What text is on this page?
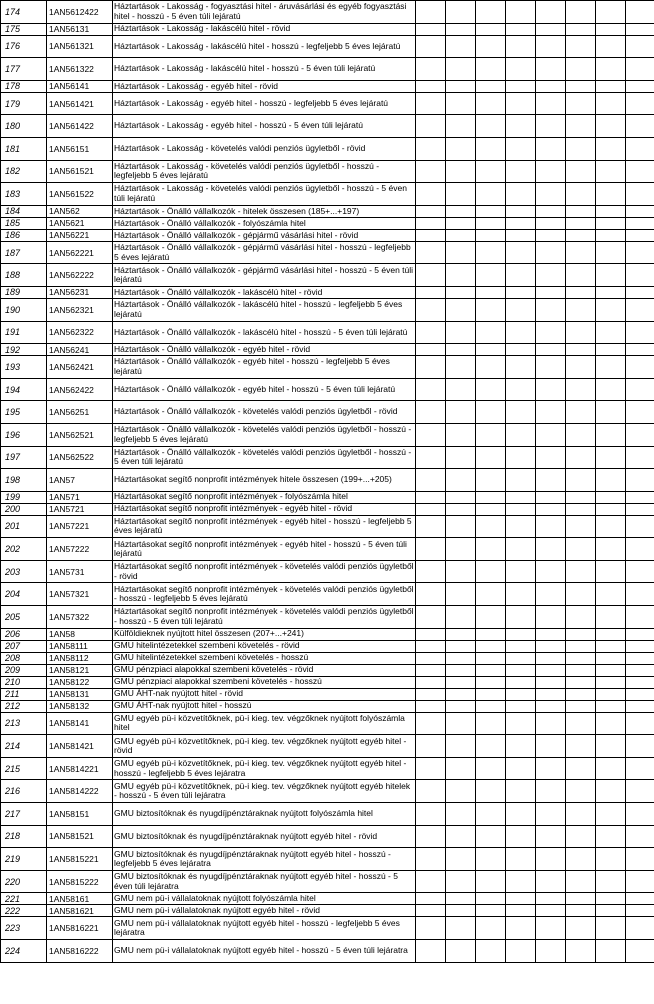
174	1AN5612422	Háztartások - Lakosság - fogyasztási hitel - áruvásárlási és egyéb fogyasztási hitel - hosszú - 5 éven túli lejáratú								
175	1AN56131	Háztartások - Lakosság - lakáscélú hitel - rövid								
176	1AN561321	Háztartások - Lakosság - lakáscélú hitel - hosszú - legfeljebb 5 éves lejáratú								
177	1AN561322	Háztartások - Lakosság - lakáscélú hitel - hosszú - 5 éven túli lejáratú								
178	1AN56141	Háztartások - Lakosság - egyéb hitel - rövid								
179	1AN561421	Háztartások - Lakosság - egyéb hitel - hosszú - legfeljebb 5 éves lejáratú								
180	1AN561422	Háztartások - Lakosság - egyéb hitel - hosszú - 5 éven túli lejáratú								
181	1AN56151	Háztartások - Lakosság - követelés valódi penziós ügyletből - rövid								
182	1AN561521	Háztartások - Lakosság - követelés valódi penziós ügyletből - hosszú - legfeljebb 5 éves lejáratú								
183	1AN561522	Háztartások - Lakosság - követelés valódi penziós ügyletből - hosszú - 5 éven túli lejáratú								
184	1AN562	Háztartások - Önálló vállalkozók - hitelek összesen (185+...+197)								
185	1AN5621	Háztartások - Önálló vállalkozók - folyószámla hitel								
186	1AN56221	Háztartások - Önálló vállalkozók - gépjármű vásárlási hitel - rövid								
187	1AN562221	Háztartások - Önálló vállalkozók - gépjármű vásárlási hitel - hosszú - legfeljebb 5 éves lejáratú								
188	1AN562222	Háztartások - Önálló vállalkozók - gépjármű vásárlási hitel - hosszú - 5 éven túli lejáratú								
189	1AN56231	Háztartások - Önálló vállalkozók - lakáscélú hitel - rövid								
190	1AN562321	Háztartások - Önálló vállalkozók - lakáscélú hitel - hosszú - legfeljebb 5 éves lejáratú								
191	1AN562322	Háztartások - Önálló vállalkozók - lakáscélú hitel - hosszú - 5 éven túli lejáratú								
192	1AN56241	Háztartások - Önálló vállalkozók - egyéb hitel - rövid								
193	1AN562421	Háztartások - Önálló vállalkozók - egyéb hitel - hosszú - legfeljebb 5 éves lejáratú								
194	1AN562422	Háztartások - Önálló vállalkozók - egyéb hitel - hosszú - 5 éven túli lejáratú								
195	1AN56251	Háztartások - Önálló vállalkozók - követelés valódi penziós ügyletből - rövid								
196	1AN562521	Háztartások - Önálló vállalkozók - követelés valódi penziós ügyletből - hosszú - legfeljebb 5 éves lejáratú								
197	1AN562522	Háztartások - Önálló vállalkozók - követelés valódi penziós ügyletből - hosszú - 5 éven túli lejáratú								
198	1AN57	Háztartásokat segítő nonprofit intézmények hitele összesen (199+...+205)								
199	1AN571	Háztartásokat segítő nonprofit intézmények - folyószámla hitel								
200	1AN5721	Háztartásokat segítő nonprofit intézmények - egyéb hitel - rövid								
201	1AN57221	Háztartásokat segítő nonprofit intézmények - egyéb hitel - hosszú - legfeljebb 5 éves lejáratú								
202	1AN57222	Háztartásokat segítő nonprofit intézmények - egyéb hitel - hosszú - 5 éven túli lejáratú								
203	1AN5731	Háztartásokat segítő nonprofit intézmények - követelés valódi penziós ügyletből - rövid								
204	1AN57321	Háztartásokat segítő nonprofit intézmények - követelés valódi penziós ügyletből - hosszú - legfeljebb 5 éves lejáratú								
205	1AN57322	Háztartásokat segítő nonprofit intézmények - követelés valódi penziós ügyletből - hosszú - 5 éven túli lejáratú								
206	1AN58	Külföldieknek nyújtott hitel összesen (207+...+241)								
207	1AN58111	GMU hitelintézetekkel szembeni követelés - rövid								
208	1AN58112	GMU hitelintézetekkel szembeni követelés - hosszú								
209	1AN58121	GMU pénzpiaci alapokkal szembeni követelés - rövid								
210	1AN58122	GMU pénzpiaci alapokkal szembeni követelés - hosszú								
211	1AN58131	GMU ÁHT-nak nyújtott hitel - rövid								
212	1AN58132	GMU ÁHT-nak nyújtott hitel - hosszú								
213	1AN58141	GMU egyéb pü-i közvetítőknek, pü-i kieg. tev. végzőknek nyújtott folyószámla hitel								
214	1AN581421	GMU egyéb pü-i közvetítőknek, pü-i kieg. tev. végzőknek nyújtott egyéb hitel - rövid								
215	1AN5814221	GMU egyéb pü-i közvetítőknek, pü-i kieg. tev. végzőknek nyújtott egyéb hitel - hosszú - legfeljebb 5 éves lejáratra								
216	1AN5814222	GMU egyéb pü-i közvetítőknek, pü-i kieg. tev. végzőknek nyújtott egyéb hitelek - hosszú - 5 éven túli lejáratra								
217	1AN58151	GMU biztosítóknak és nyugdíjpénztáraknak nyújtott folyószámla hitel								
218	1AN581521	GMU biztosítóknak és nyugdíjpénztáraknak nyújtott egyéb hitel - rövid								
219	1AN5815221	GMU biztosítóknak és nyugdíjpénztáraknak nyújtott egyéb hitel - hosszú - legfeljebb 5 éves lejáratra								
220	1AN5815222	GMU biztosítóknak és nyugdíjpénztáraknak nyújtott egyéb hitel - hosszú - 5 éven túli lejáratra								
221	1AN58161	GMU nem pü-i vállalatoknak nyújtott folyószámla hitel								
222	1AN581621	GMU nem pü-i vállalatoknak nyújtott egyéb hitel - rövid								
223	1AN5816221	GMU nem pü-i vállalatoknak nyújtott egyéb hitel - hosszú - legfeljebb 5 éves lejáratra								
224	1AN5816222	GMU nem pü-i vállalatoknak nyújtott egyéb hitel - hosszú - 5 éven túli lejáratra								
